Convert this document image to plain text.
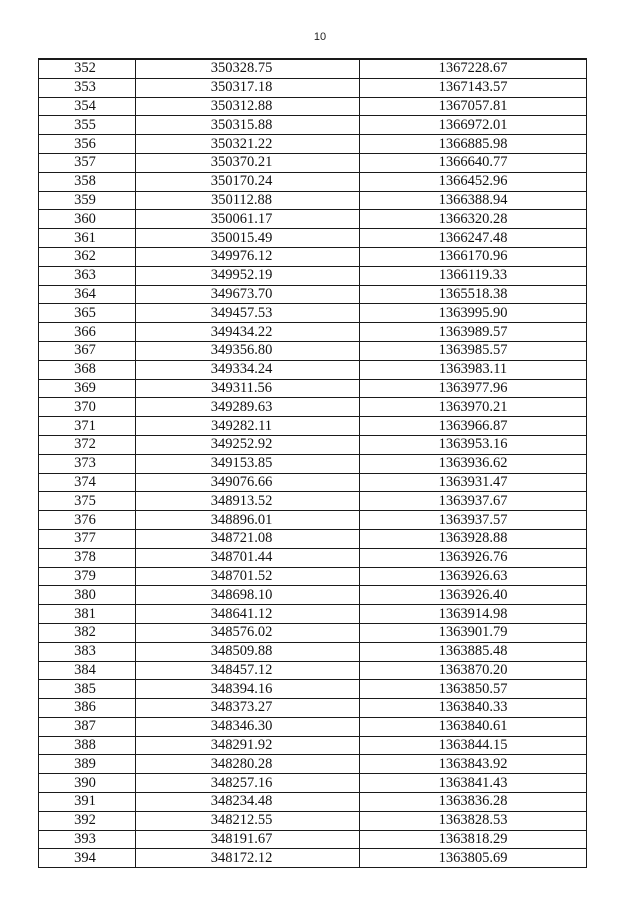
10
352	350328.75	1367228.67
353	350317.18	1367143.57
354	350312.88	1367057.81
355	350315.88	1366972.01
356	350321.22	1366885.98
357	350370.21	1366640.77
358	350170.24	1366452.96
359	350112.88	1366388.94
360	350061.17	1366320.28
361	350015.49	1366247.48
362	349976.12	1366170.96
363	349952.19	1366119.33
364	349673.70	1365518.38
365	349457.53	1363995.90
366	349434.22	1363989.57
367	349356.80	1363985.57
368	349334.24	1363983.11
369	349311.56	1363977.96
370	349289.63	1363970.21
371	349282.11	1363966.87
372	349252.92	1363953.16
373	349153.85	1363936.62
374	349076.66	1363931.47
375	348913.52	1363937.67
376	348896.01	1363937.57
377	348721.08	1363928.88
378	348701.44	1363926.76
379	348701.52	1363926.63
380	348698.10	1363926.40
381	348641.12	1363914.98
382	348576.02	1363901.79
383	348509.88	1363885.48
384	348457.12	1363870.20
385	348394.16	1363850.57
386	348373.27	1363840.33
387	348346.30	1363840.61
388	348291.92	1363844.15
389	348280.28	1363843.92
390	348257.16	1363841.43
391	348234.48	1363836.28
392	348212.55	1363828.53
393	348191.67	1363818.29
394	348172.12	1363805.69
